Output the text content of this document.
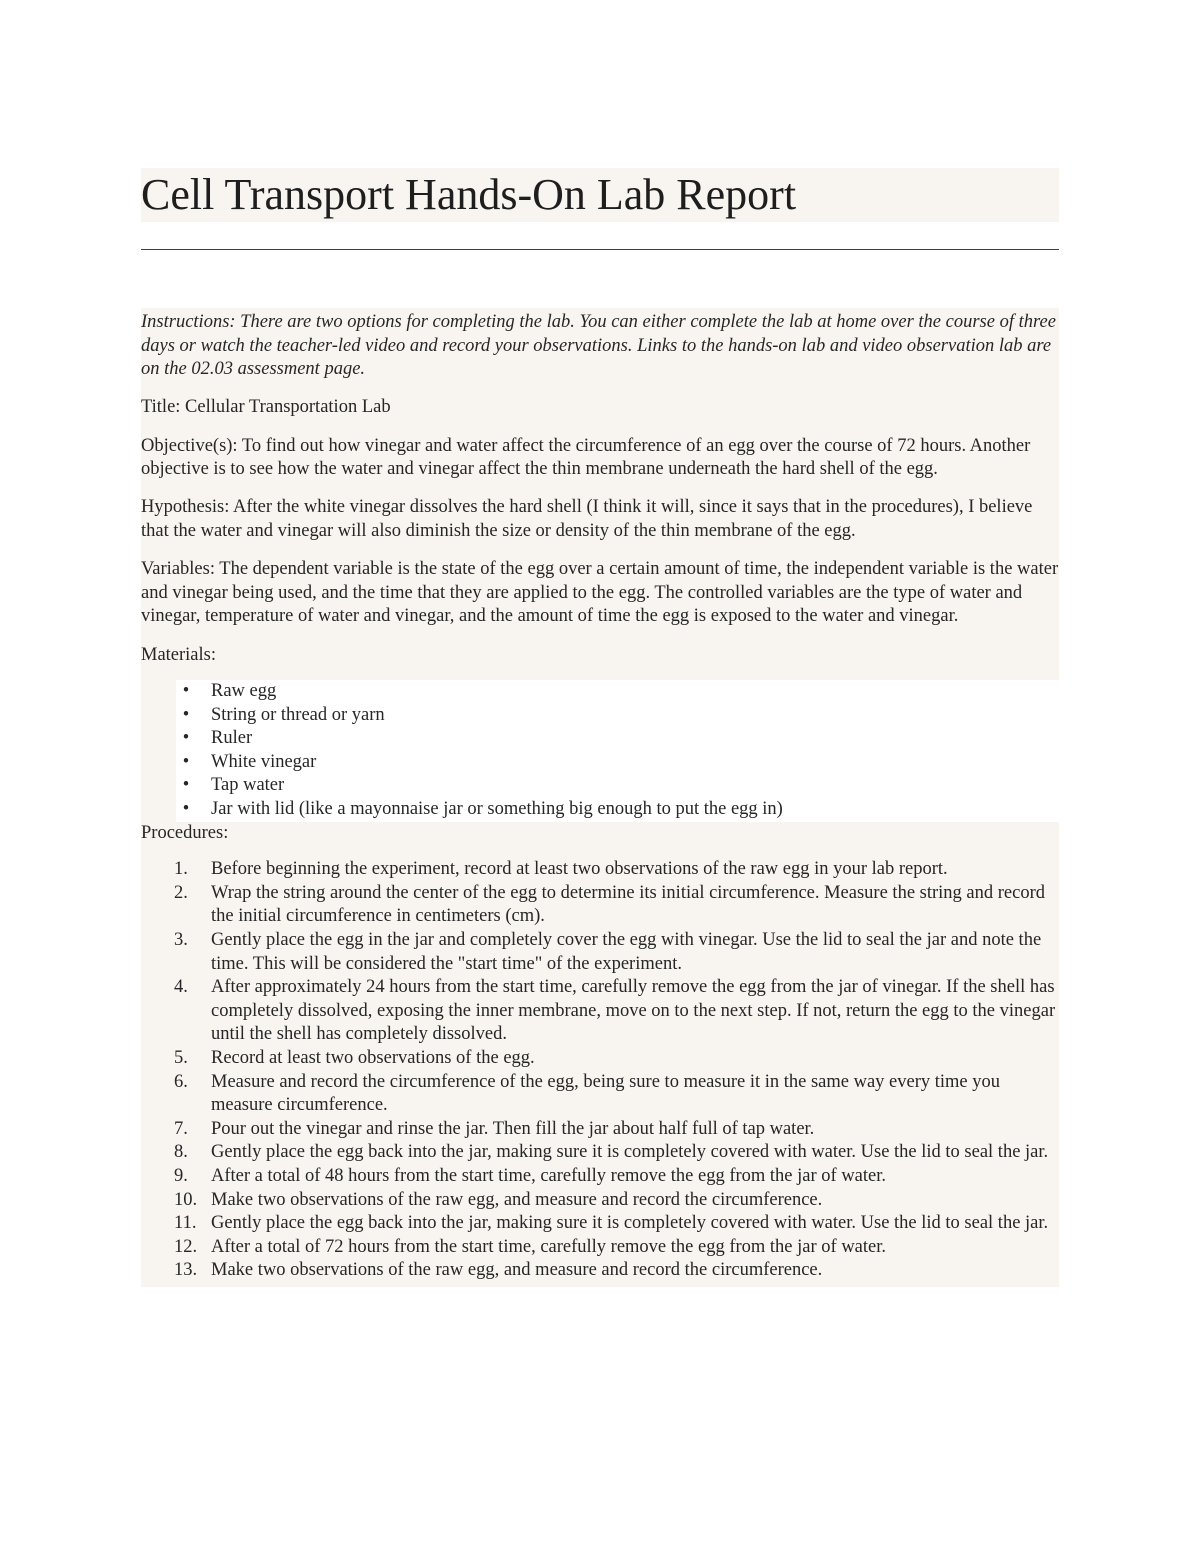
Cell Transport Hands-On Lab Report

Instructions: There are two options for completing the lab. You can either complete the lab at home over the course of three days or watch the teacher-led video and record your observations. Links to the hands-on lab and video observation lab are on the 02.03 assessment page.

Title: Cellular Transportation Lab

Objective(s): To find out how vinegar and water affect the circumference of an egg over the course of 72 hours. Another objective is to see how the water and vinegar affect the thin membrane underneath the hard shell of the egg.

Hypothesis: After the white vinegar dissolves the hard shell (I think it will, since it says that in the procedures), I believe that the water and vinegar will also diminish the size or density of the thin membrane of the egg.

Variables: The dependent variable is the state of the egg over a certain amount of time, the independent variable is the water and vinegar being used, and the time that they are applied to the egg. The controlled variables are the type of water and vinegar, temperature of water and vinegar, and the amount of time the egg is exposed to the water and vinegar.

Materials:

•	Raw egg
•	String or thread or yarn
•	Ruler
•	White vinegar
•	Tap water
•	Jar with lid (like a mayonnaise jar or something big enough to put the egg in)

Procedures:

1. Before beginning the experiment, record at least two observations of the raw egg in your lab report.
2. Wrap the string around the center of the egg to determine its initial circumference. Measure the string and record the initial circumference in centimeters (cm).
3. Gently place the egg in the jar and completely cover the egg with vinegar. Use the lid to seal the jar and note the time. This will be considered the "start time" of the experiment.
4. After approximately 24 hours from the start time, carefully remove the egg from the jar of vinegar. If the shell has completely dissolved, exposing the inner membrane, move on to the next step. If not, return the egg to the vinegar until the shell has completely dissolved.
5. Record at least two observations of the egg.
6. Measure and record the circumference of the egg, being sure to measure it in the same way every time you measure circumference.
7. Pour out the vinegar and rinse the jar. Then fill the jar about half full of tap water.
8. Gently place the egg back into the jar, making sure it is completely covered with water. Use the lid to seal the jar.
9. After a total of 48 hours from the start time, carefully remove the egg from the jar of water.
10. Make two observations of the raw egg, and measure and record the circumference.
11. Gently place the egg back into the jar, making sure it is completely covered with water. Use the lid to seal the jar.
12. After a total of 72 hours from the start time, carefully remove the egg from the jar of water.
13. Make two observations of the raw egg, and measure and record the circumference.
